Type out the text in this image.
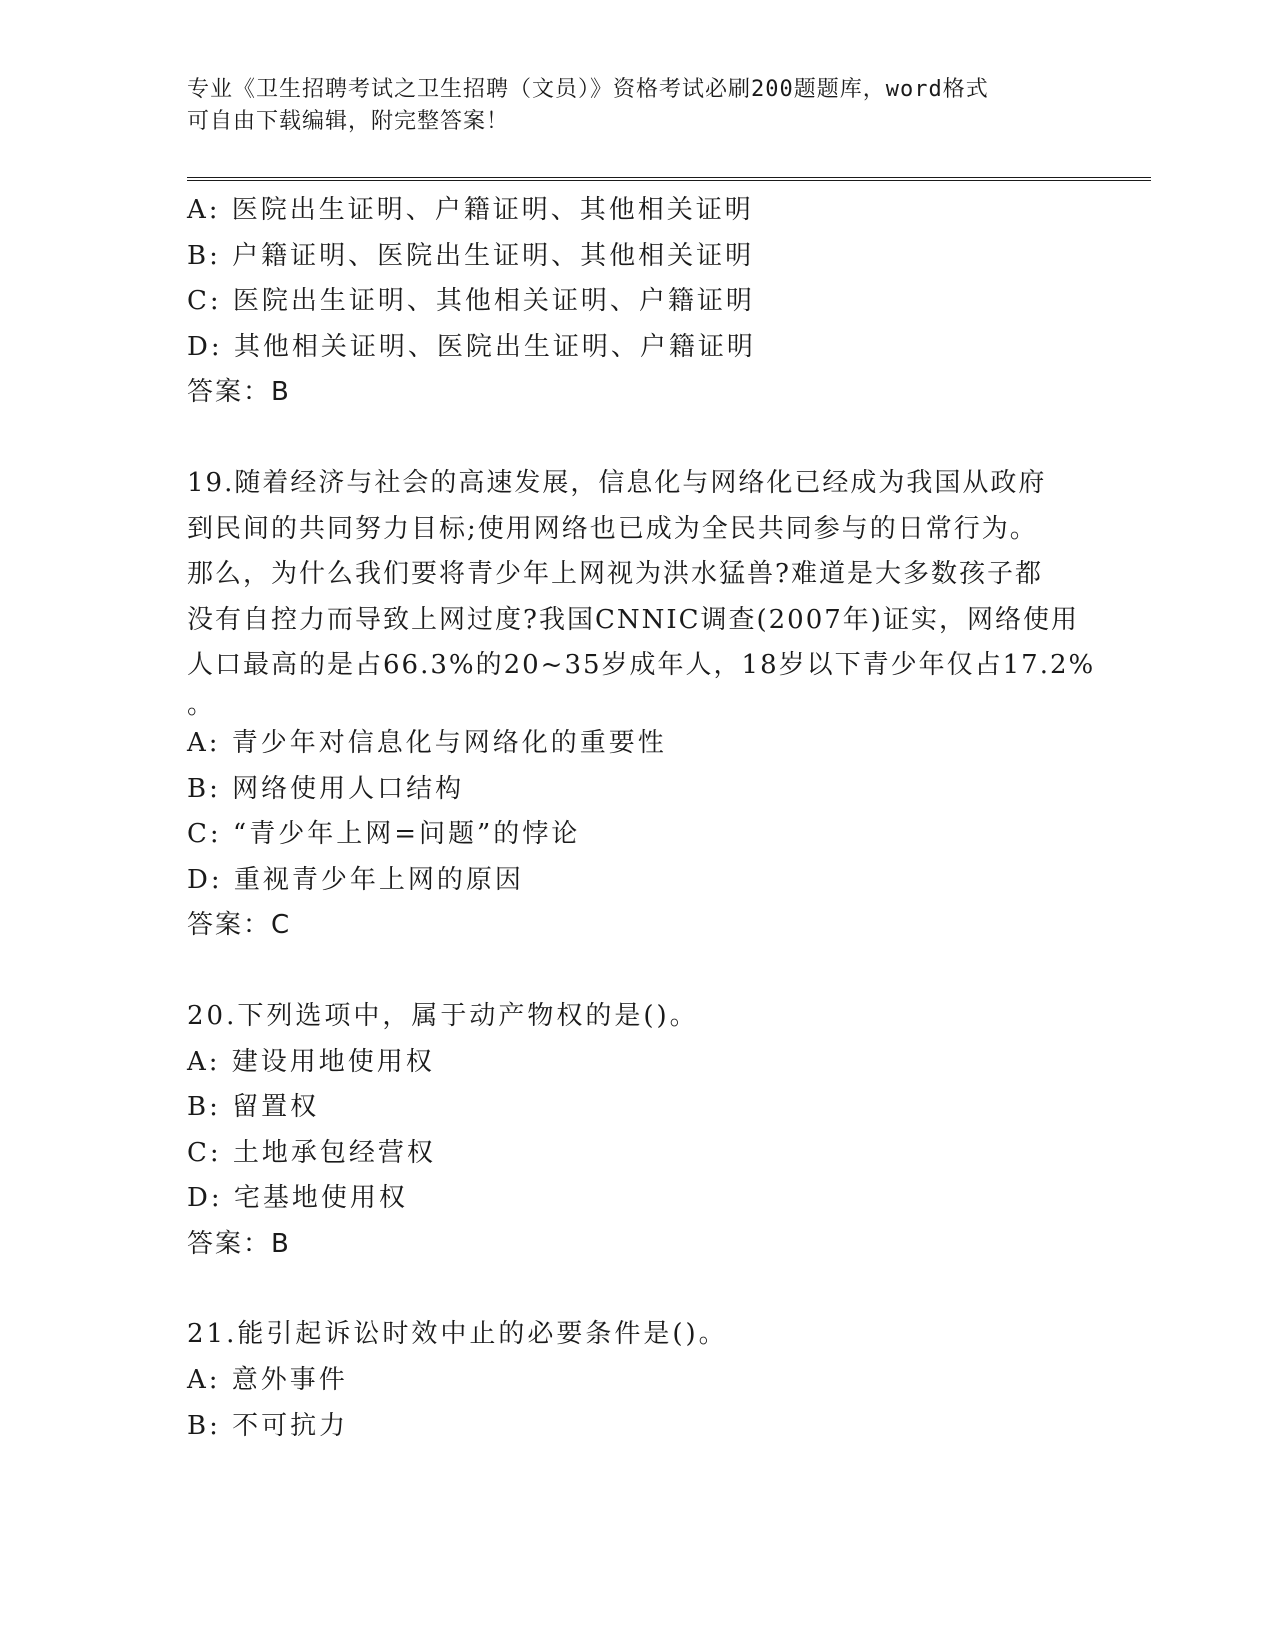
专业《卫生招聘考试之卫生招聘（文员）》资格考试必刷200题题库，word格式
可自由下载编辑，附完整答案！
A: 医院出生证明、户籍证明、其他相关证明
B: 户籍证明、医院出生证明、其他相关证明
C: 医院出生证明、其他相关证明、户籍证明
D: 其他相关证明、医院出生证明、户籍证明
答案：B
19.随着经济与社会的高速发展，信息化与网络化已经成为我国从政府
到民间的共同努力目标;使用网络也已成为全民共同参与的日常行为。
那么，为什么我们要将青少年上网视为洪水猛兽?难道是大多数孩子都
没有自控力而导致上网过度?我国CNNIC调查(2007年)证实，网络使用
人口最高的是占66.3%的20~35岁成年人，18岁以下青少年仅占17.2%
。
A: 青少年对信息化与网络化的重要性
B: 网络使用人口结构
C: “青少年上网=问题”的悖论
D: 重视青少年上网的原因
答案：C
20.下列选项中，属于动产物权的是()。
A: 建设用地使用权
B: 留置权
C: 土地承包经营权
D: 宅基地使用权
答案：B
21.能引起诉讼时效中止的必要条件是()。
A: 意外事件
B: 不可抗力
